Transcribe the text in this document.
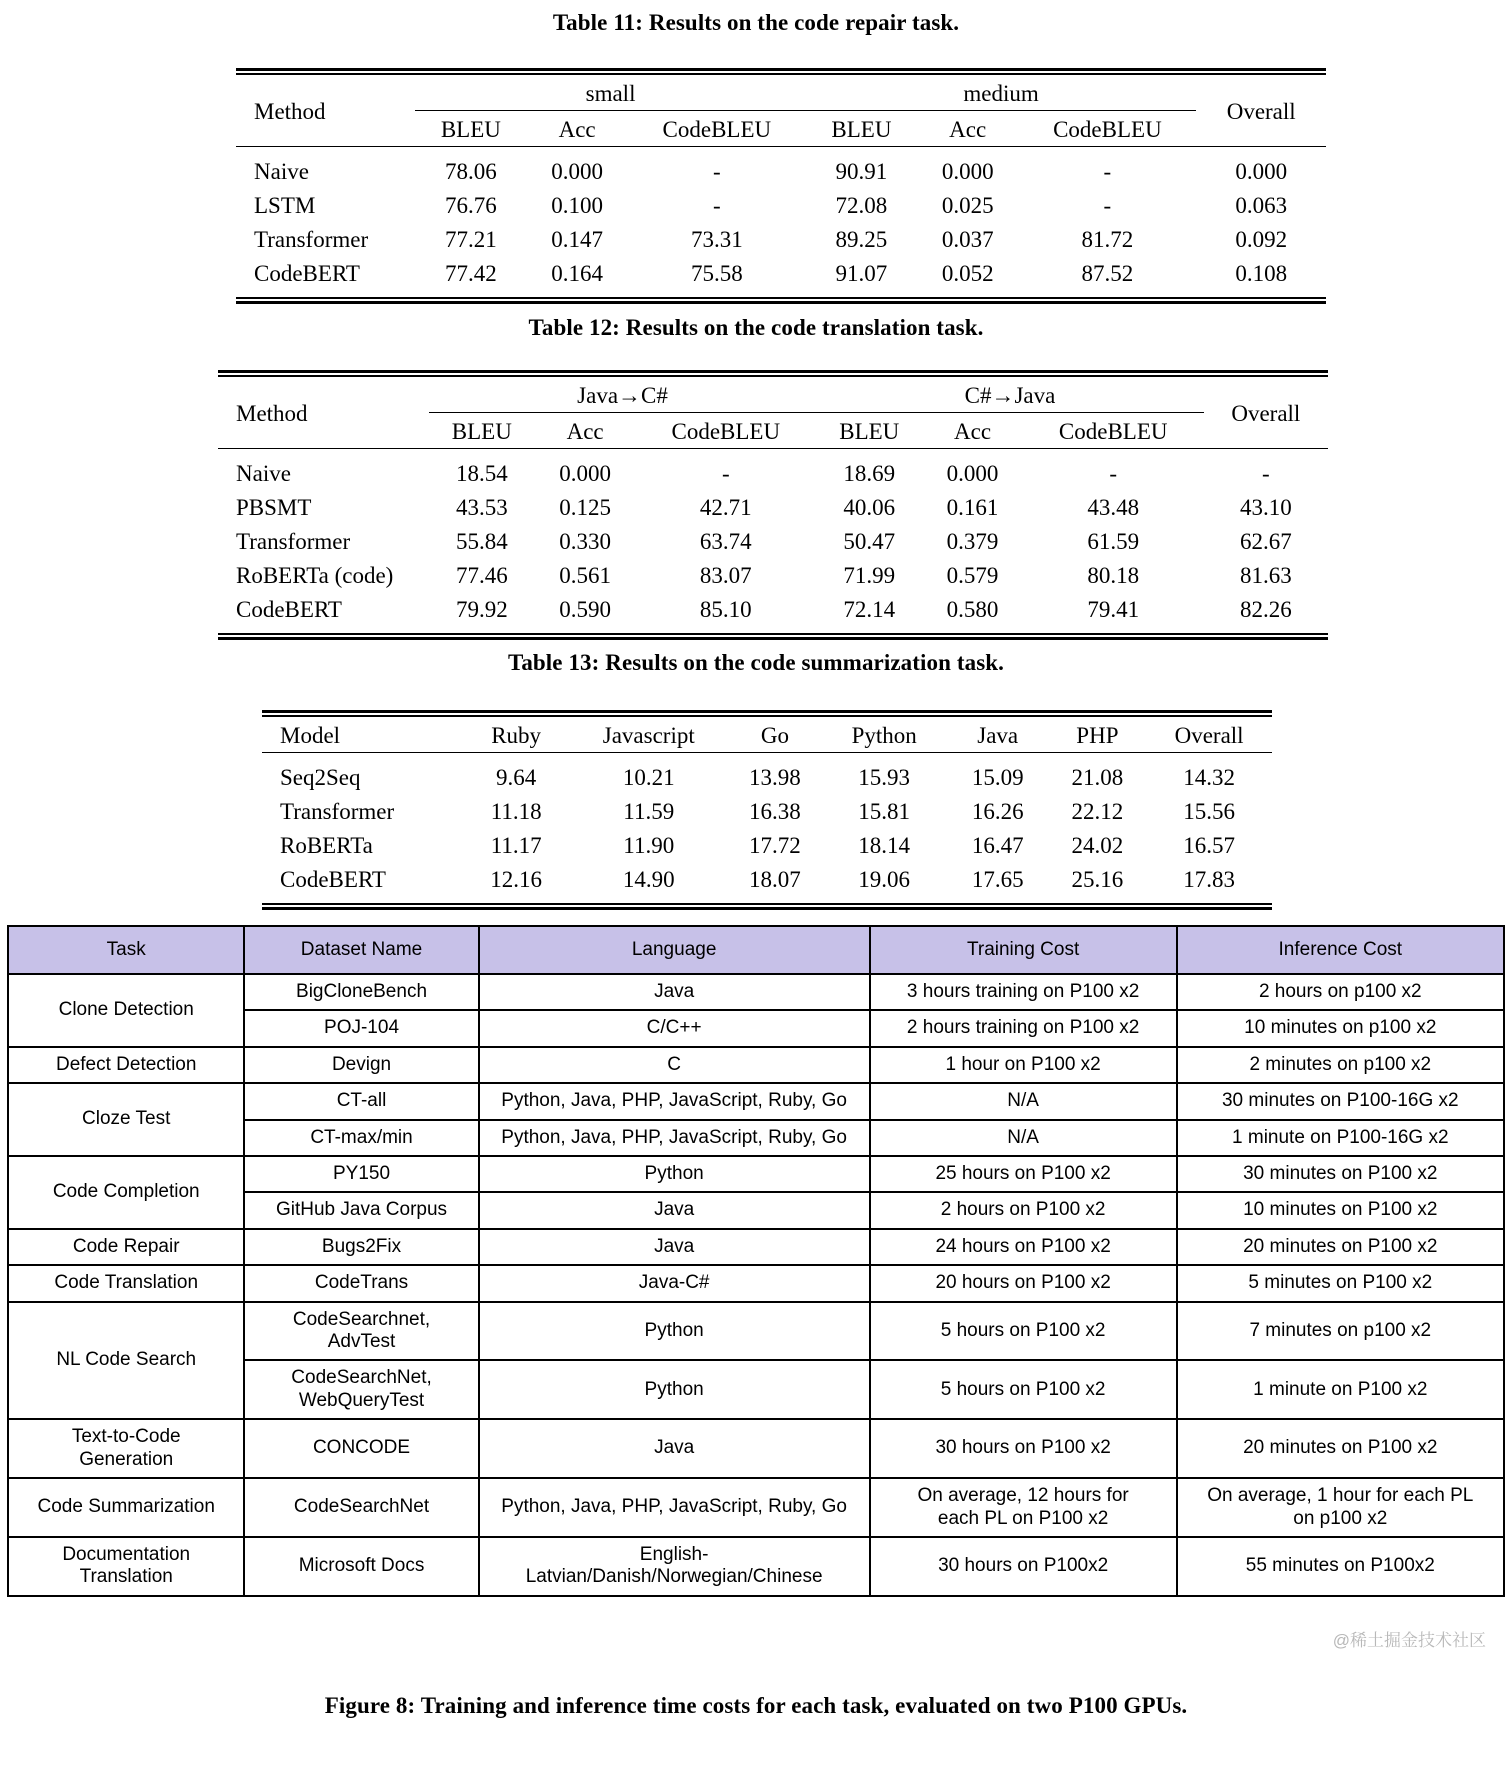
Table 11: Results on the code repair task.

Method	small			medium			Overall
	BLEU	Acc	CodeBLEU	BLEU	Acc	CodeBLEU	

Naive	78.06	0.000	-	90.91	0.000	-	0.000
LSTM	76.76	0.100	-	72.08	0.025	-	0.063
Transformer	77.21	0.147	73.31	89.25	0.037	81.72	0.092
CodeBERT	77.42	0.164	75.58	91.07	0.052	87.52	0.108

Table 12: Results on the code translation task.

Method	Java→C#			C#→Java			Overall
	BLEU	Acc	CodeBLEU	BLEU	Acc	CodeBLEU	

Naive	18.54	0.000	-	18.69	0.000	-	-
PBSMT	43.53	0.125	42.71	40.06	0.161	43.48	43.10
Transformer	55.84	0.330	63.74	50.47	0.379	61.59	62.67
RoBERTa (code)	77.46	0.561	83.07	71.99	0.579	80.18	81.63
CodeBERT	79.92	0.590	85.10	72.14	0.580	79.41	82.26

Table 13: Results on the code summarization task.

Model	Ruby	Javascript	Go	Python	Java	PHP	Overall

Seq2Seq	9.64	10.21	13.98	15.93	15.09	21.08	14.32
Transformer	11.18	11.59	16.38	15.81	16.26	22.12	15.56
RoBERTa	11.17	11.90	17.72	18.14	16.47	24.02	16.57
CodeBERT	12.16	14.90	18.07	19.06	17.65	25.16	17.83

Task	Dataset Name	Language	Training Cost	Inference Cost
Clone Detection	BigCloneBench	Java	3 hours training on P100 x2	2 hours on p100 x2
	POJ-104	C/C++	2 hours training on P100 x2	10 minutes on p100 x2
Defect Detection	Devign	C	1 hour on P100 x2	2 minutes on p100 x2
Cloze Test	CT-all	Python, Java, PHP, JavaScript, Ruby, Go	N/A	30 minutes on P100-16G x2
	CT-max/min	Python, Java, PHP, JavaScript, Ruby, Go	N/A	1 minute on P100-16G x2
Code Completion	PY150	Python	25 hours on P100 x2	30 minutes on P100 x2
	GitHub Java Corpus	Java	2 hours on P100 x2	10 minutes on P100 x2
Code Repair	Bugs2Fix	Java	24 hours on P100 x2	20 minutes on P100 x2
Code Translation	CodeTrans	Java-C#	20 hours on P100 x2	5 minutes on P100 x2
NL Code Search	CodeSearchnet,
AdvTest	Python	5 hours on P100 x2	7 minutes on p100 x2
	CodeSearchNet,
WebQueryTest	Python	5 hours on P100 x2	1 minute on P100 x2
Text-to-Code
Generation	CONCODE	Java	30 hours on P100 x2	20 minutes on P100 x2
Code Summarization	CodeSearchNet	Python, Java, PHP, JavaScript, Ruby, Go	On average, 12 hours for
each PL on P100 x2	On average, 1 hour for each PL
on p100 x2
Documentation
Translation	Microsoft Docs	English-
Latvian/Danish/Norwegian/Chinese	30 hours on P100x2	55 minutes on P100x2
@稀土掘金技术社区
Figure 8: Training and inference time costs for each task, evaluated on two P100 GPUs.
